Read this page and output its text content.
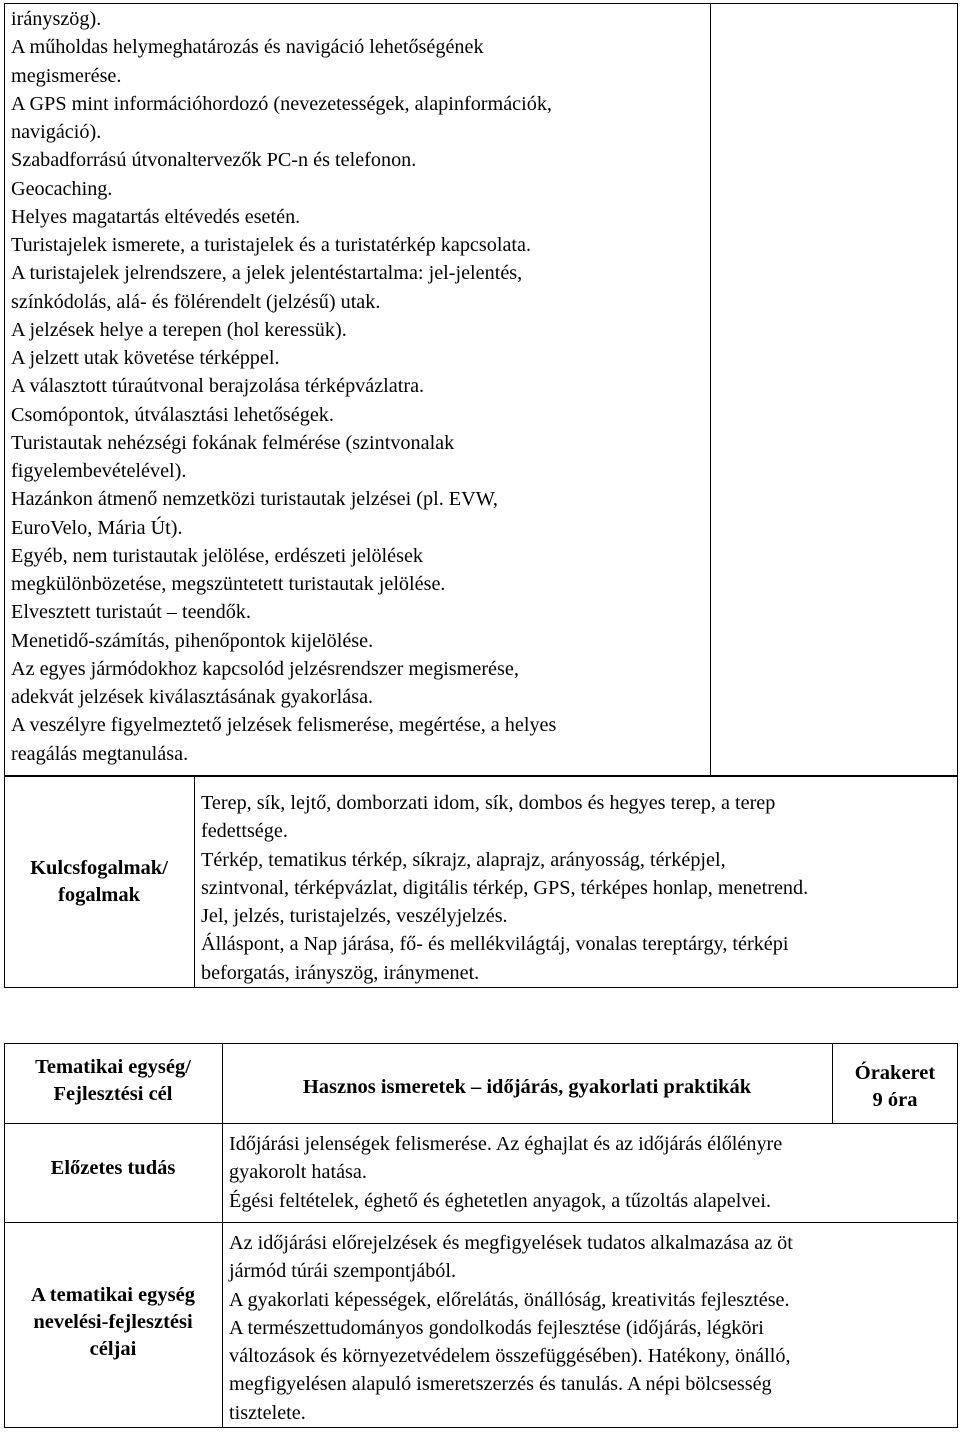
irányszög).
A műholdas helymeghatározás és navigáció lehetőségének
megismerése.
A GPS mint információhordozó (nevezetességek, alapinformációk,
navigáció).
Szabadforrású útvonaltervezők PC-n és telefonon.
Geocaching.
Helyes magatartás eltévedés esetén.
Turistajelek ismerete, a turistajelek és a turistatérkép kapcsolata.
A turistajelek jelrendszere, a jelek jelentéstartalma: jel-jelentés,
színkódolás, alá- és fölérendelt (jelzésű) utak.
A jelzések helye a terepen (hol keressük).
A jelzett utak követése térképpel.
A választott túraútvonal berajzolása térképvázlatra.
Csomópontok, útválasztási lehetőségek.
Turistautak nehézségi fokának felmérése (szintvonalak
figyelembevételével).
Hazánkon átmenő nemzetközi turistautak jelzései (pl. EVW,
EuroVelo, Mária Út).
Egyéb, nem turistautak jelölése, erdészeti jelölések
megkülönbözetése, megszüntetett turistautak jelölése.
Elvesztett turistaút – teendők.
Menetidő-számítás, pihenőpontok kijelölése.
Az egyes jármódokhoz kapcsolód jelzésrendszer megismerése,
adekvát jelzések kiválasztásának gyakorlása.
A veszélyre figyelmeztető jelzések felismerése, megértése, a helyes
reagálás megtanulása.
Kulcsfogalmak/
fogalmak
Terep, sík, lejtő, domborzati idom, sík, dombos és hegyes terep, a terep
fedettsége.
Térkép, tematikus térkép, síkrajz, alaprajz, arányosság, térképjel,
szintvonal, térképvázlat, digitális térkép, GPS, térképes honlap, menetrend.
Jel, jelzés, turistajelzés, veszélyjelzés.
Álláspont, a Nap járása, fő- és mellékvilágtáj, vonalas tereptárgy, térképi
beforgatás, irányszög, iránymenet.
Tematikai egység/
Fejlesztési cél	Hasznos ismeretek – időjárás, gyakorlati praktikák
Órakeret
9 óra
Előzetes tudás
Időjárási jelenségek felismerése. Az éghajlat és az időjárás élőlényre
gyakorolt hatása.
Égési feltételek, éghető és éghetetlen anyagok, a tűzoltás alapelvei.
A tematikai egység
nevelési-fejlesztési
céljai
Az időjárási előrejelzések és megfigyelések tudatos alkalmazása az öt
jármód túrái szempontjából.
A gyakorlati képességek, előrelátás, önállóság, kreativitás fejlesztése.
A természettudományos gondolkodás fejlesztése (időjárás, légköri
változások és környezetvédelem összefüggésében). Hatékony, önálló,
megfigyelésen alapuló ismeretszerzés és tanulás. A népi bölcsesség
tisztelete.
